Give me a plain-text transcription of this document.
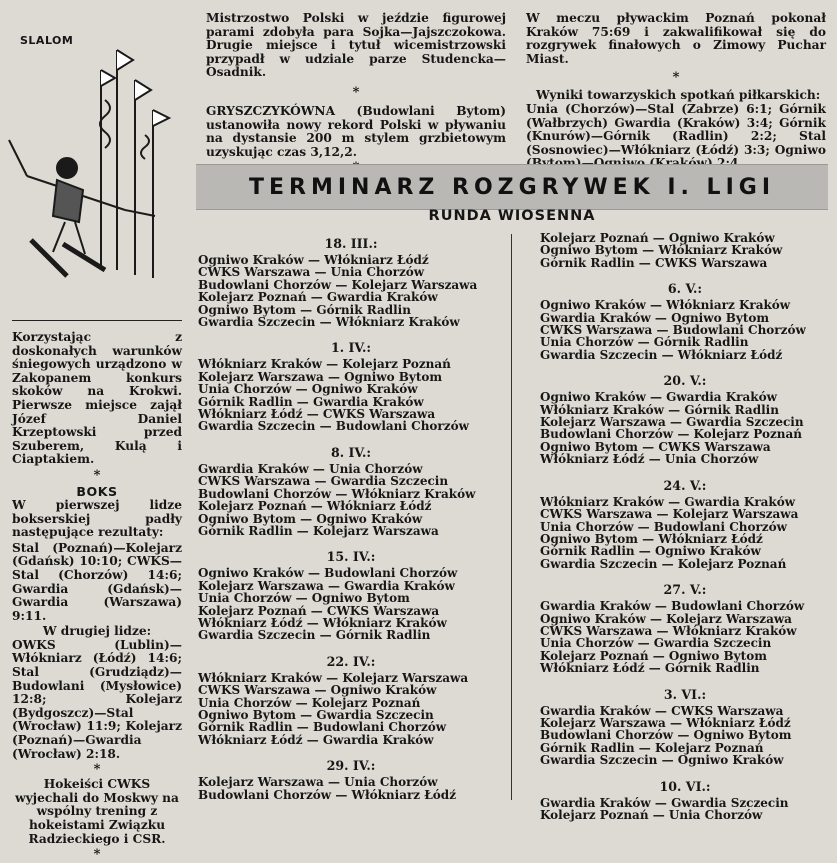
SLALOM
Korzystając z doskonałych warunków śniegowych urządzono w Zakopanem konkurs skoków na Krokwi. Pierwsze miejsce zajął Józef Daniel Krzeptowski przed Szuberem, Kulą i Ciaptakiem.
*
BOKS
W pierwszej lidze bokserskiej padły następujące rezultaty:
Stal (Poznań)—Kolejarz (Gdańsk) 10:10; CWKS—Stal (Chorzów) 14:6; Gwardia (Gdańsk)—Gwardia (Warszawa) 9:11.
W drugiej lidze:
OWKS (Lublin)—Włókniarz (Łódź) 14:6; Stal (Grudziądz)—Budowlani (Mysłowice) 12:8; Kolejarz (Bydgoszcz)—Stal (Wrocław) 11:9; Kolejarz (Poznań)—Gwardia (Wrocław) 2:18.
*
Hokeiści CWKS wyjechali do Moskwy na wspólny trening z hokeistami Związku Radzieckiego i CSR.
*
Mistrzostwo Polski w jeździe figurowej parami zdobyła para Sojka—Jajszczokowa. Drugie miejsce i tytuł wicemistrzowski przypadł w udziale parze Studencka—Osadnik.
*
GRYSZCZYKÓWNA (Budowlani Bytom) ustanowiła nowy rekord Polski w pływaniu na dystansie 200 m stylem grzbietowym uzyskując czas 3,12,2.
W meczu pływackim Poznań pokonał Kraków 75:69 i zakwalifikował się do rozgrywek finałowych o Zimowy Puchar Miast.
*
Wyniki towarzyskich spotkań piłkarskich:
Unia (Chorzów)—Stal (Zabrze) 6:1; Górnik (Wałbrzych) Gwardia (Kraków) 3:4; Górnik (Knurów)—Górnik (Radlin) 2:2; Stal (Sosnowiec)—Włókniarz (Łódź) 3:3; Ogniwo
TERMINARZ ROZGRYWEK I. LIGI
RUNDA WIOSENNA
18. III.:
Ogniwo Kraków — Włókniarz Łódź
CWKS Warszawa — Unia Chorzów
Budowlani Chorzów — Kolejarz Warszawa
Kolejarz Poznań — Gwardia Kraków
Ogniwo Bytom — Górnik Radlin
Gwardia Szczecin — Włókniarz Kraków
1. IV.:
Włókniarz Kraków — Kolejarz Poznań
Kolejarz Warszawa — Ogniwo Bytom
Unia Chorzów — Ogniwo Kraków
Górnik Radlin — Gwardia Kraków
Włókniarz Łódź — CWKS Warszawa
Gwardia Szczecin — Budowlani Chorzów
8. IV.:
Gwardia Kraków — Unia Chorzów
CWKS Warszawa — Gwardia Szczecin
Budowlani Chorzów — Włókniarz Kraków
Kolejarz Poznań — Włókniarz Łódź
Ogniwo Bytom — Ogniwo Kraków
Górnik Radlin — Kolejarz Warszawa
15. IV.:
Ogniwo Kraków — Budowlani Chorzów
Kolejarz Warszawa — Gwardia Kraków
Unia Chorzów — Ogniwo Bytom
Kolejarz Poznań — CWKS Warszawa
Włókniarz Łódź — Włókniarz Kraków
Gwardia Szczecin — Górnik Radlin
22. IV.:
Włókniarz Kraków — Kolejarz Warszawa
CWKS Warszawa — Ogniwo Kraków
Unia Chorzów — Kolejarz Poznań
Ogniwo Bytom — Gwardia Szczecin
Górnik Radlin — Budowlani Chorzów
Włókniarz Łódź — Gwardia Kraków
29. IV.:
Kolejarz Warszawa — Unia Chorzów
Budowlani Chorzów — Włókniarz Łódź
Kolejarz Poznań — Ogniwo Kraków
Ogniwo Bytom — Włókniarz Kraków
Górnik Radlin — CWKS Warszawa
6. V.:
Ogniwo Kraków — Włókniarz Kraków
Gwardia Kraków — Ogniwo Bytom
CWKS Warszawa — Budowlani Chorzów
Unia Chorzów — Górnik Radlin
Gwardia Szczecin — Włókniarz Łódź
20. V.:
Ogniwo Kraków — Gwardia Kraków
Włókniarz Kraków — Górnik Radlin
Kolejarz Warszawa — Gwardia Szczecin
Budowlani Chorzów — Kolejarz Poznań
Ogniwo Bytom — CWKS Warszawa
Włókniarz Łódź — Unia Chorzów
24. V.:
Włókniarz Kraków — Gwardia Kraków
CWKS Warszawa — Kolejarz Warszawa
Unia Chorzów — Budowlani Chorzów
Ogniwo Bytom — Włókniarz Łódź
Górnik Radlin — Ogniwo Kraków
Gwardia Szczecin — Kolejarz Poznań
27. V.:
Gwardia Kraków — Budowlani Chorzów
Ogniwo Kraków — Kolejarz Warszawa
CWKS Warszawa — Włókniarz Kraków
Unia Chorzów — Gwardia Szczecin
Kolejarz Poznań — Ogniwo Bytom
Włókniarz Łódź — Górnik Radlin
3. VI.:
Gwardia Kraków — CWKS Warszawa
Kolejarz Warszawa — Włókniarz Łódź
Budowlani Chorzów — Ogniwo Bytom
Górnik Radlin — Kolejarz Poznań
Gwardia Szczecin — Ogniwo Kraków
10. VI.:
Gwardia Kraków — Gwardia Szczecin
Kolejarz Poznań — Unia Chorzów
